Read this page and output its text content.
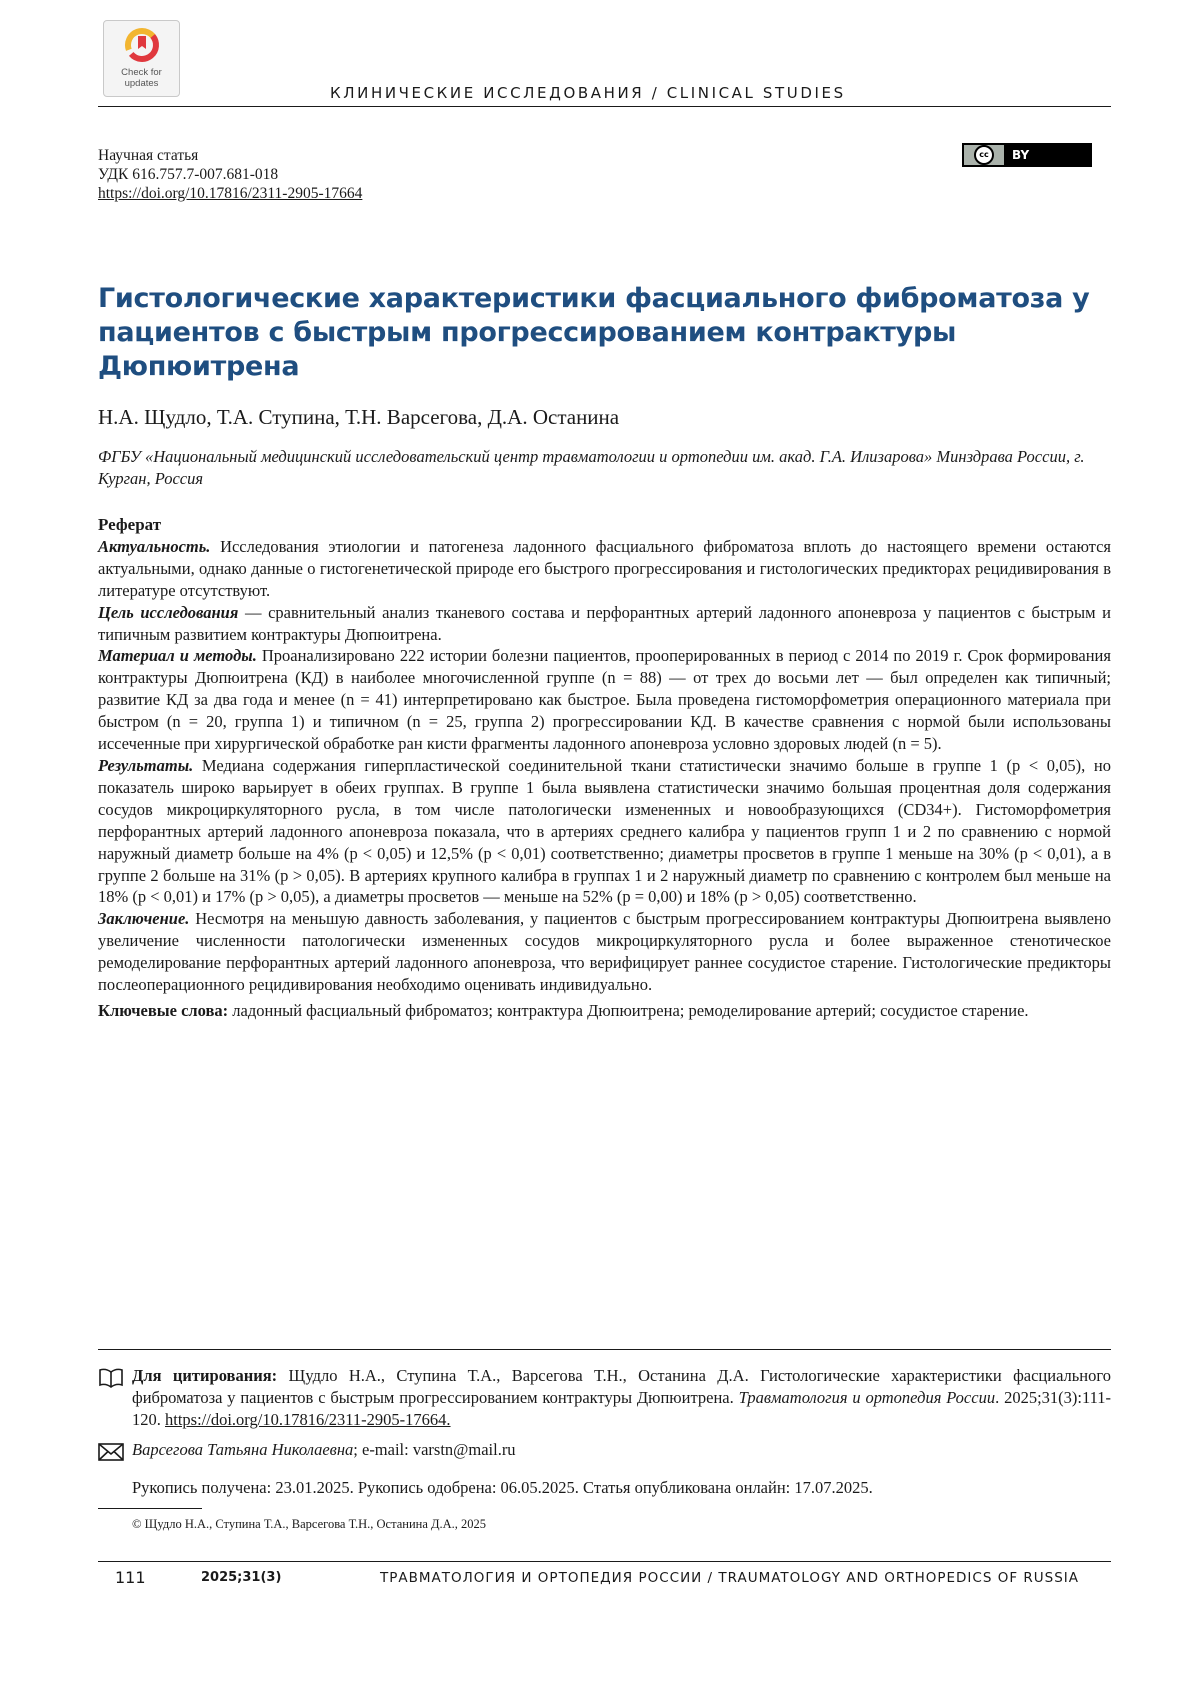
Check for
updates
КЛИНИЧЕСКИЕ ИССЛЕДОВАНИЯ / CLINICAL STUDIES
Научная статья
УДК 616.757.7-007.681-018
https://doi.org/10.17816/2311-2905-17664
cc	BY
Гистологические характеристики фасциального фиброматоза у пациентов с быстрым прогрессированием контрактуры Дюпюитрена
Н.А. Щудло, Т.А. Ступина, Т.Н. Варсегова, Д.А. Останина
ФГБУ «Национальный медицинский исследовательский центр травматологии и ортопедии им. акад. Г.А. Илизарова» Минздрава России, г. Курган, Россия

Реферат

Актуальность. Исследования этиологии и патогенеза ладонного фасциального фиброматоза вплоть до настоящего времени остаются актуальными, однако данные о гистогенетической природе его быстрого прогрессирования и гистологических предикторах рецидивирования в литературе отсутствуют.

Цель исследования — сравнительный анализ тканевого состава и перфорантных артерий ладонного апоневроза у пациентов с быстрым и типичным развитием контрактуры Дюпюитрена.

Материал и методы. Проанализировано 222 истории болезни пациентов, прооперированных в период с 2014 по 2019 г. Срок формирования контрактуры Дюпюитрена (КД) в наиболее многочисленной группе (n = 88) — от трех до восьми лет — был определен как типичный; развитие КД за два года и менее (n = 41) интерпретировано как быстрое. Была проведена гистоморфометрия операционного материала при быстром (n = 20, группа 1) и типичном (n = 25, группа 2) прогрессировании КД. В качестве сравнения с нормой были использованы иссеченные при хирургической обработке ран кисти фрагменты ладонного апоневроза условно здоровых людей (n = 5).

Результаты. Медиана содержания гиперпластической соединительной ткани статистически значимо больше в группе 1 (p < 0,05), но показатель широко варьирует в обеих группах. В группе 1 была выявлена статистически значимо большая процентная доля содержания сосудов микроциркуляторного русла, в том числе патологически измененных и новообразующихся (CD34+). Гистоморфометрия перфорантных артерий ладонного апоневроза показала, что в артериях среднего калибра у пациентов групп 1 и 2 по сравнению с нормой наружный диаметр больше на 4% (p < 0,05) и 12,5% (p < 0,01) соответственно; диаметры просветов в группе 1 меньше на 30% (p < 0,01), а в группе 2 больше на 31% (p > 0,05). В артериях крупного калибра в группах 1 и 2 наружный диаметр по сравнению с контролем был меньше на 18% (p < 0,01) и 17% (p > 0,05), а диаметры просветов — меньше на 52% (p = 0,00) и 18% (p > 0,05) соответственно.

Заключение. Несмотря на меньшую давность заболевания, у пациентов с быстрым прогрессированием контрактуры Дюпюитрена выявлено увеличение численности патологически измененных сосудов микроциркуляторного русла и более выраженное стенотическое ремоделирование перфорантных артерий ладонного апоневроза, что верифицирует раннее сосудистое старение. Гистологические предикторы послеоперационного рецидивирования необходимо оценивать индивидуально.

Ключевые слова: ладонный фасциальный фиброматоз; контрактура Дюпюитрена; ремоделирование артерий; сосудистое старение.

Для цитирования: Щудло Н.А., Ступина Т.А., Варсегова Т.Н., Останина Д.А. Гистологические характеристики фасциального фиброматоза у пациентов с быстрым прогрессированием контрактуры Дюпюитрена. Травматология и ортопедия России. 2025;31(3):111-120. https://doi.org/10.17816/2311-2905-17664.
Варсегова Татьяна Николаевна; e-mail: varstn@mail.ru
Рукопись получена: 23.01.2025. Рукопись одобрена: 06.05.2025. Статья опубликована онлайн: 17.07.2025.
© Щудло Н.А., Ступина Т.А., Варсегова Т.Н., Останина Д.А., 2025
111	2025;31(3)	ТРАВМАТОЛОГИЯ И ОРТОПЕДИЯ РОССИИ / TRAUMATOLOGY AND ORTHOPEDICS OF RUSSIA
